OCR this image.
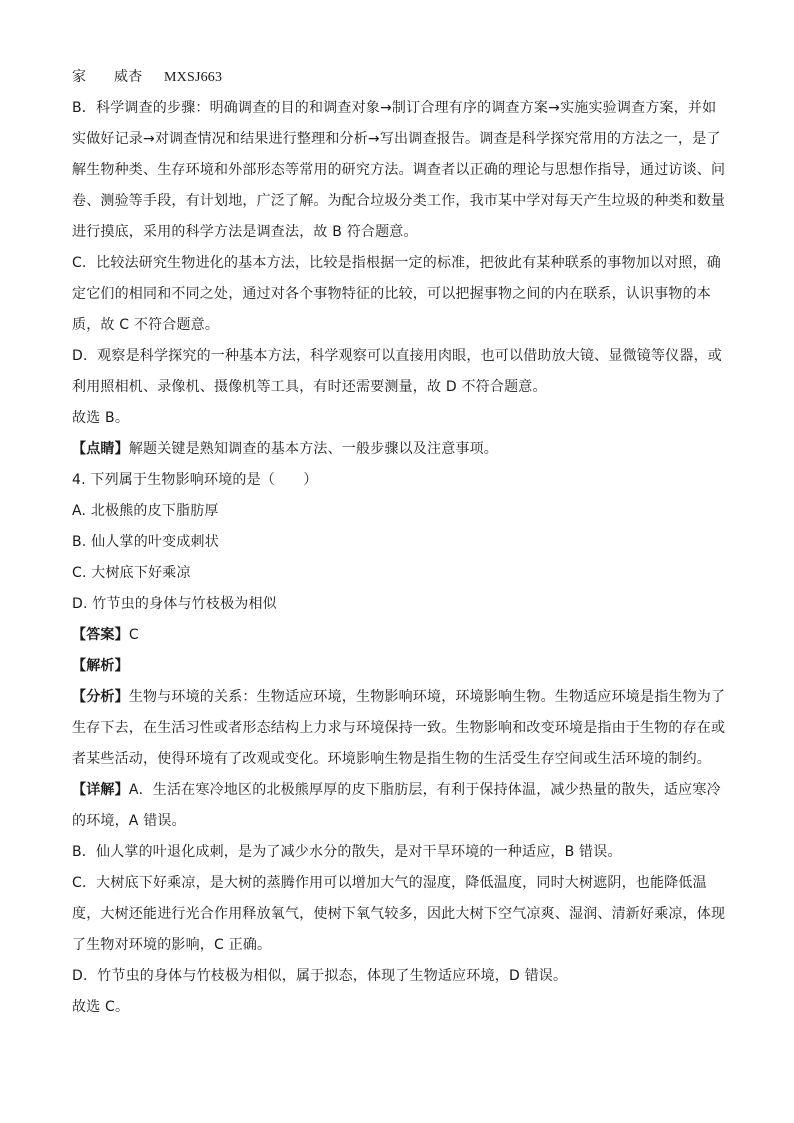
家 威杏 MXSJ663
B．科学调查的步骤：明确调查的目的和调查对象→制订合理有序的调查方案→实施实验调查方案，并如
实做好记录→对调查情况和结果进行整理和分析→写出调查报告。调查是科学探究常用的方法之一，是了
解生物种类、生存环境和外部形态等常用的研究方法。调查者以正确的理论与思想作指导，通过访谈、问
卷、测验等手段，有计划地，广泛了解。为配合垃圾分类工作，我市某中学对每天产生垃圾的种类和数量
进行摸底，采用的科学方法是调查法，故 B 符合题意。
C．比较法研究生物进化的基本方法，比较是指根据一定的标准，把彼此有某种联系的事物加以对照，确
定它们的相同和不同之处，通过对各个事物特征的比较，可以把握事物之间的内在联系，认识事物的本
质，故 C 不符合题意。
D．观察是科学探究的一种基本方法，科学观察可以直接用肉眼，也可以借助放大镜、显微镜等仪器，或
利用照相机、录像机、摄像机等工具，有时还需要测量，故 D 不符合题意。
故选 B。
【点睛】解题关键是熟知调查的基本方法、一般步骤以及注意事项。
4. 下列属于生物影响环境的是（　　）
A. 北极熊的皮下脂肪厚
B. 仙人掌的叶变成刺状
C. 大树底下好乘凉
D. 竹节虫的身体与竹枝极为相似
【答案】C
【解析】
【分析】生物与环境的关系：生物适应环境，生物影响环境，环境影响生物。生物适应环境是指生物为了
生存下去，在生活习性或者形态结构上力求与环境保持一致。生物影响和改变环境是指由于生物的存在或
者某些活动，使得环境有了改观或变化。环境影响生物是指生物的生活受生存空间或生活环境的制约。
【详解】A．生活在寒冷地区的北极熊厚厚的皮下脂肪层，有利于保持体温，减少热量的散失，适应寒冷
的环境，A 错误。
B．仙人掌的叶退化成刺，是为了减少水分的散失，是对干旱环境的一种适应，B 错误。
C．大树底下好乘凉，是大树的蒸腾作用可以增加大气的湿度，降低温度，同时大树遮阴，也能降低温
度，大树还能进行光合作用释放氧气，使树下氧气较多，因此大树下空气凉爽、湿润、清新好乘凉，体现
了生物对环境的影响，C 正确。
D．竹节虫的身体与竹枝极为相似，属于拟态，体现了生物适应环境，D 错误。
故选 C。
